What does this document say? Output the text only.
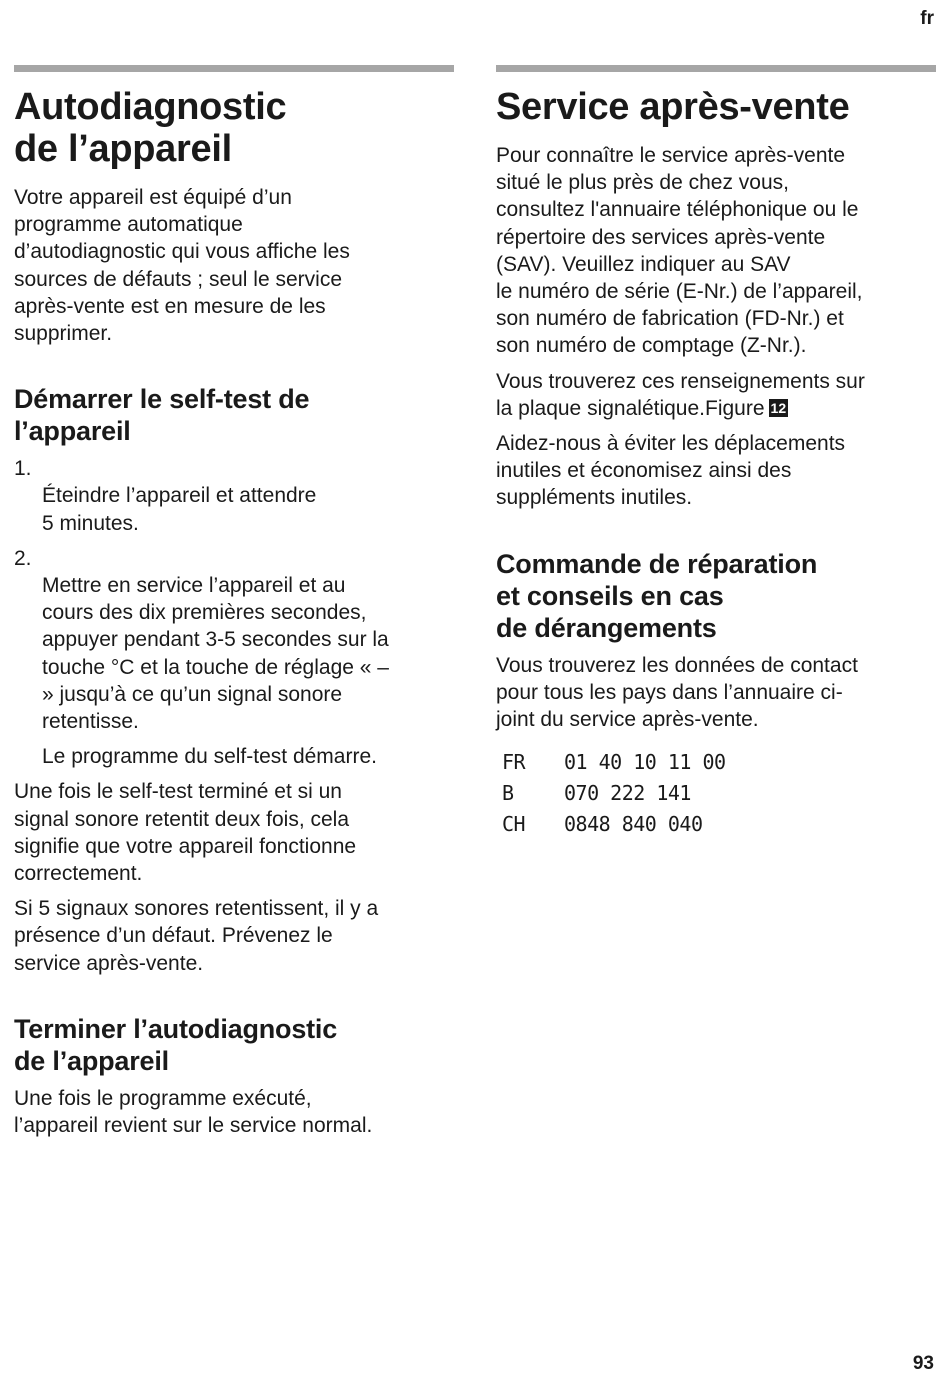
fr
Autodiagnostic
de l’appareil

Votre appareil est équipé d’un
programme automatique
d’autodiagnostic qui vous affiche les
sources de défauts ; seul le service
après-vente est en mesure de les
supprimer.

Démarrer le self-test de
l’appareil

1.
Éteindre l’appareil et attendre
5 minutes.

2.
Mettre en service l’appareil et au
cours des dix premières secondes,
appuyer pendant 3-5 secondes sur la
touche °C et la touche de réglage « –
» jusqu’à ce qu’un signal sonore
retentisse.

Le programme du self-test démarre.

Une fois le self-test terminé et si un
signal sonore retentit deux fois, cela
signifie que votre appareil fonctionne
correctement.

Si 5 signaux sonores retentissent, il y a
présence d’un défaut. Prévenez le
service après-vente.

Terminer l’autodiagnostic
de l’appareil

Une fois le programme exécuté,
l’appareil revient sur le service normal.

Service après-vente

Pour connaître le service après-vente
situé le plus près de chez vous,
consultez l'annuaire téléphonique ou le
répertoire des services après-vente
(SAV). Veuillez indiquer au SAV
le numéro de série (E-Nr.) de l’appareil,
son numéro de fabrication (FD-Nr.) et
son numéro de comptage (Z-Nr.).

Vous trouverez ces renseignements sur
la plaque signalétique.Figure 12

Aidez-nous à éviter les déplacements
inutiles et économisez ainsi des
suppléments inutiles.

Commande de réparation
et conseils en cas
de dérangements

Vous trouverez les données de contact
pour tous les pays dans l’annuaire ci-
joint du service après-vente.

FR	01 40 10 11 00
B	070 222 141
CH	0848 840 040
93
